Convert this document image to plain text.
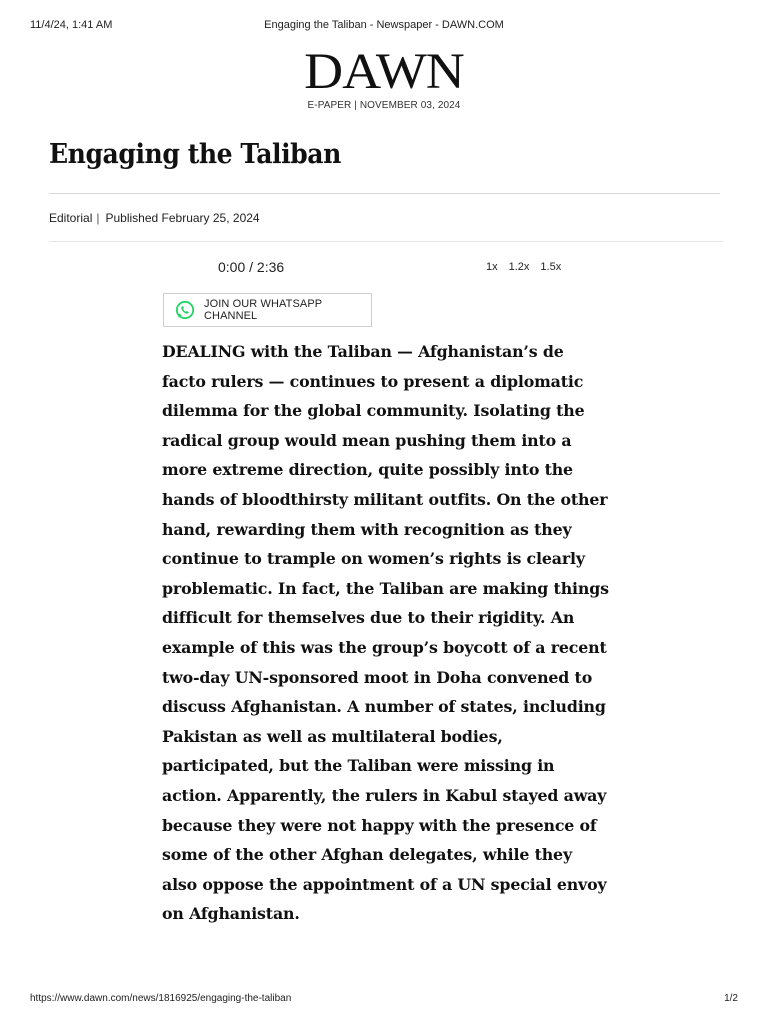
11/4/24, 1:41 AM	Engaging the Taliban - Newspaper - DAWN.COM
DAWN
E-PAPER | NOVEMBER 03, 2024
Engaging the Taliban
Editorial | Published February 25, 2024
0:00 / 2:36	1x 1.2x 1.5x
JOIN OUR WHATSAPP CHANNEL

DEALING with the Taliban — Afghanistan’s de facto rulers — continues to present a diplomatic dilemma for the global community. Isolating the radical group would mean pushing them into a more extreme direction, quite possibly into the hands of bloodthirsty militant outfits. On the other hand, rewarding them with recognition as they continue to trample on women’s rights is clearly problematic. In fact, the Taliban are making things difficult for themselves due to their rigidity. An example of this was the group’s boycott of a recent two-day UN-sponsored moot in Doha convened to discuss Afghanistan. A number of states, including Pakistan as well as multilateral bodies, participated, but the Taliban were missing in action. Apparently, the rulers in Kabul stayed away because they were not happy with the presence of some of the other Afghan delegates, while they also oppose the appointment of a UN special envoy on Afghanistan.

https://www.dawn.com/news/1816925/engaging-the-taliban	1/2
